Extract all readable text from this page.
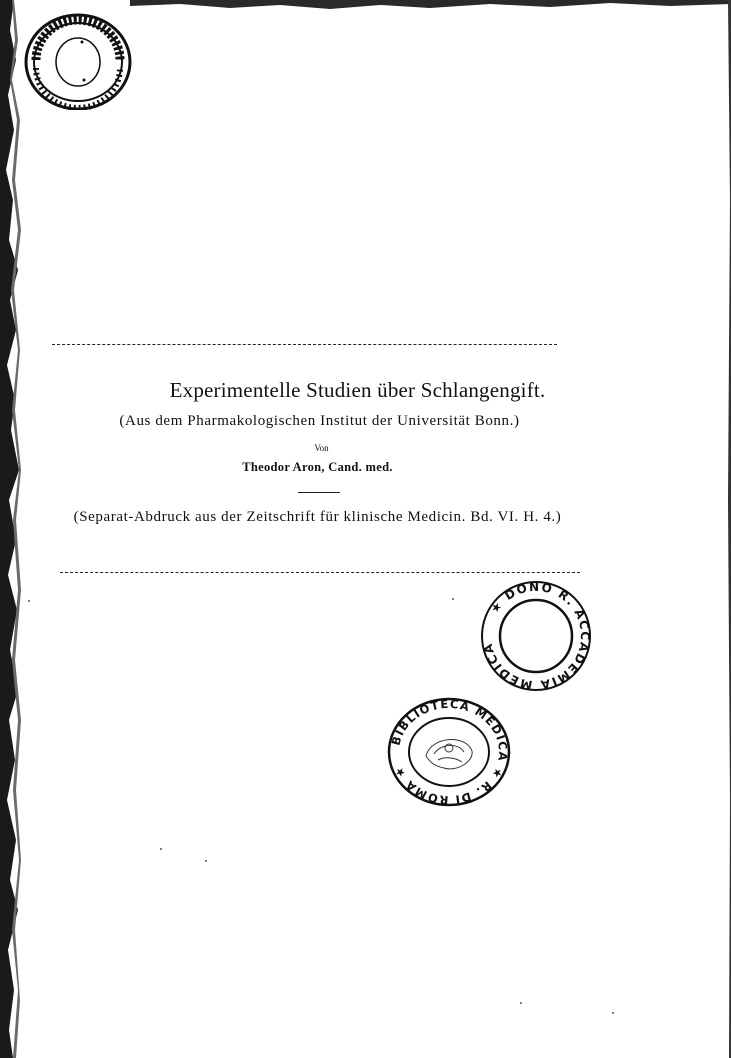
Experimentelle Studien über Schlangengift.
(Aus dem Pharmakologischen Institut der Universität Bonn.)
Von
Theodor Aron, Cand. med.
(Separat-Abdruck aus der Zeitschrift für klinische Medicin. Bd. VI. H. 4.)
★ DONO R. ACCADEMIA MEDICA
BIBLIOTECA MEDICA ★ R. DI ROMA ★
